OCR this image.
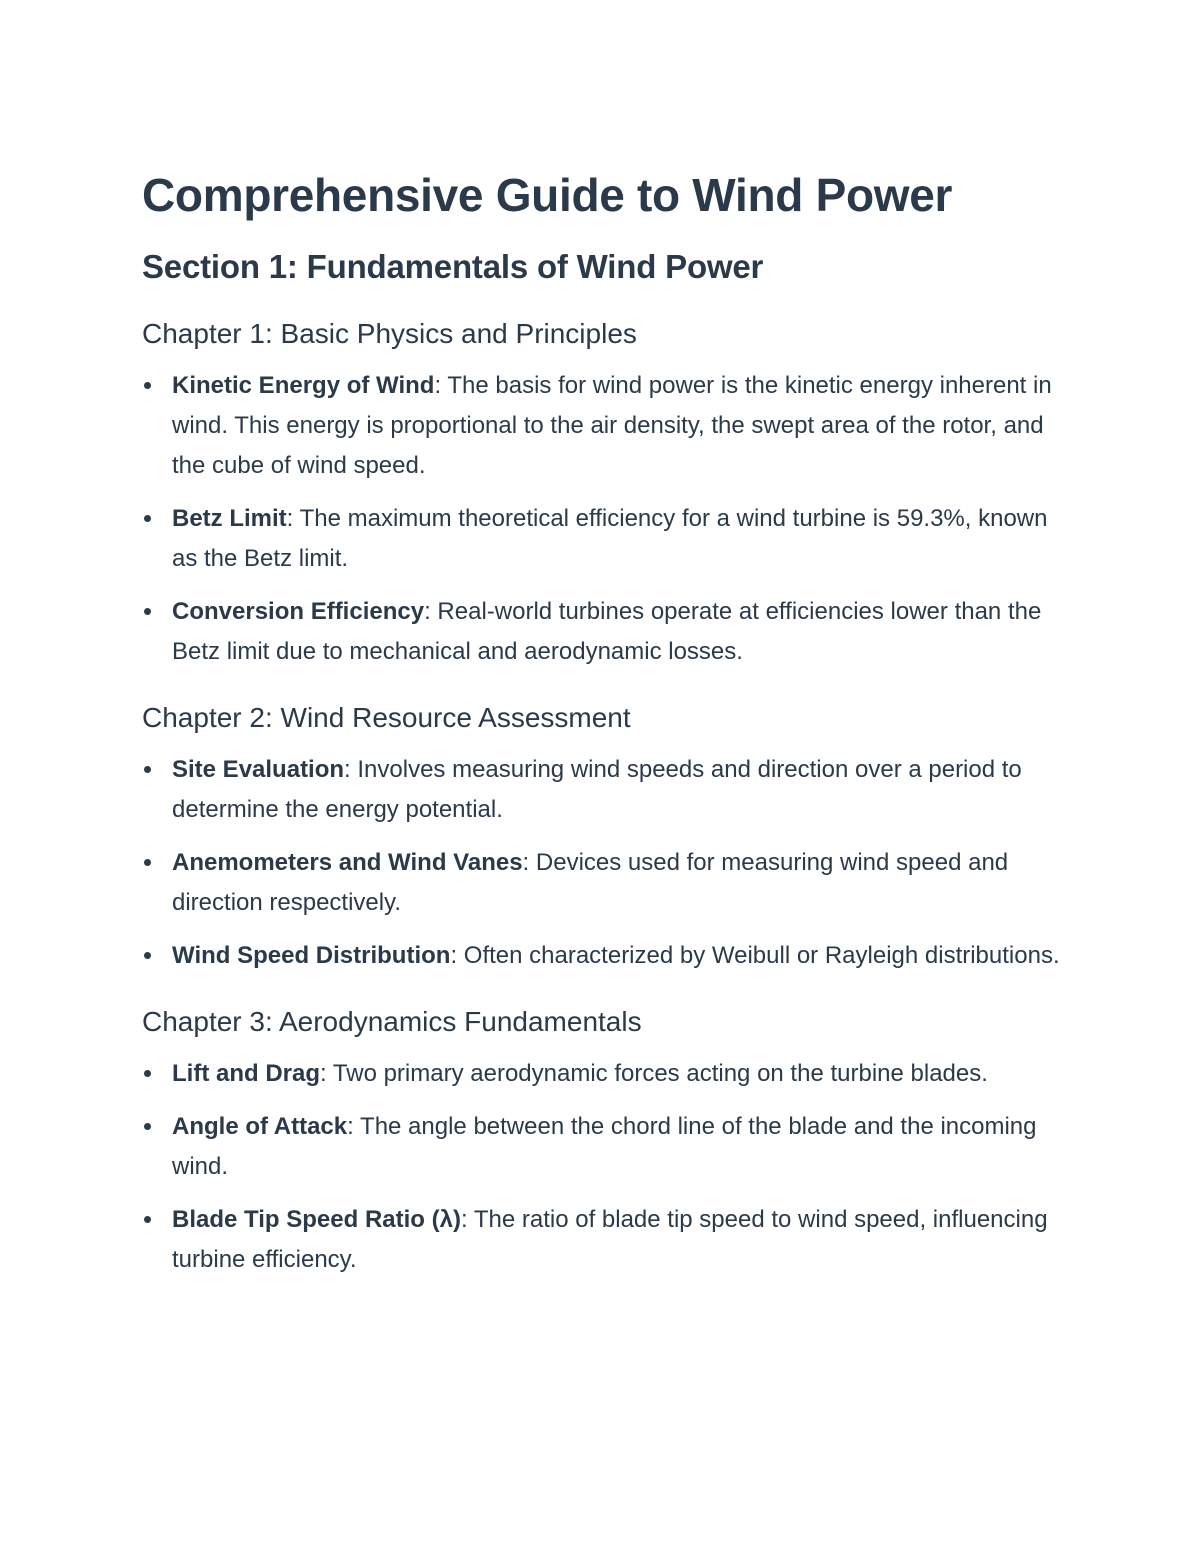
Comprehensive Guide to Wind Power
Section 1: Fundamentals of Wind Power
Chapter 1: Basic Physics and Principles
Kinetic Energy of Wind: The basis for wind power is the kinetic energy inherent in wind. This energy is proportional to the air density, the swept area of the rotor, and the cube of wind speed.
Betz Limit: The maximum theoretical efficiency for a wind turbine is 59.3%, known as the Betz limit.
Conversion Efficiency: Real-world turbines operate at efficiencies lower than the Betz limit due to mechanical and aerodynamic losses.
Chapter 2: Wind Resource Assessment
Site Evaluation: Involves measuring wind speeds and direction over a period to determine the energy potential.
Anemometers and Wind Vanes: Devices used for measuring wind speed and direction respectively.
Wind Speed Distribution: Often characterized by Weibull or Rayleigh distributions.
Chapter 3: Aerodynamics Fundamentals
Lift and Drag: Two primary aerodynamic forces acting on the turbine blades.
Angle of Attack: The angle between the chord line of the blade and the incoming wind.
Blade Tip Speed Ratio (λ): The ratio of blade tip speed to wind speed, influencing turbine efficiency.
